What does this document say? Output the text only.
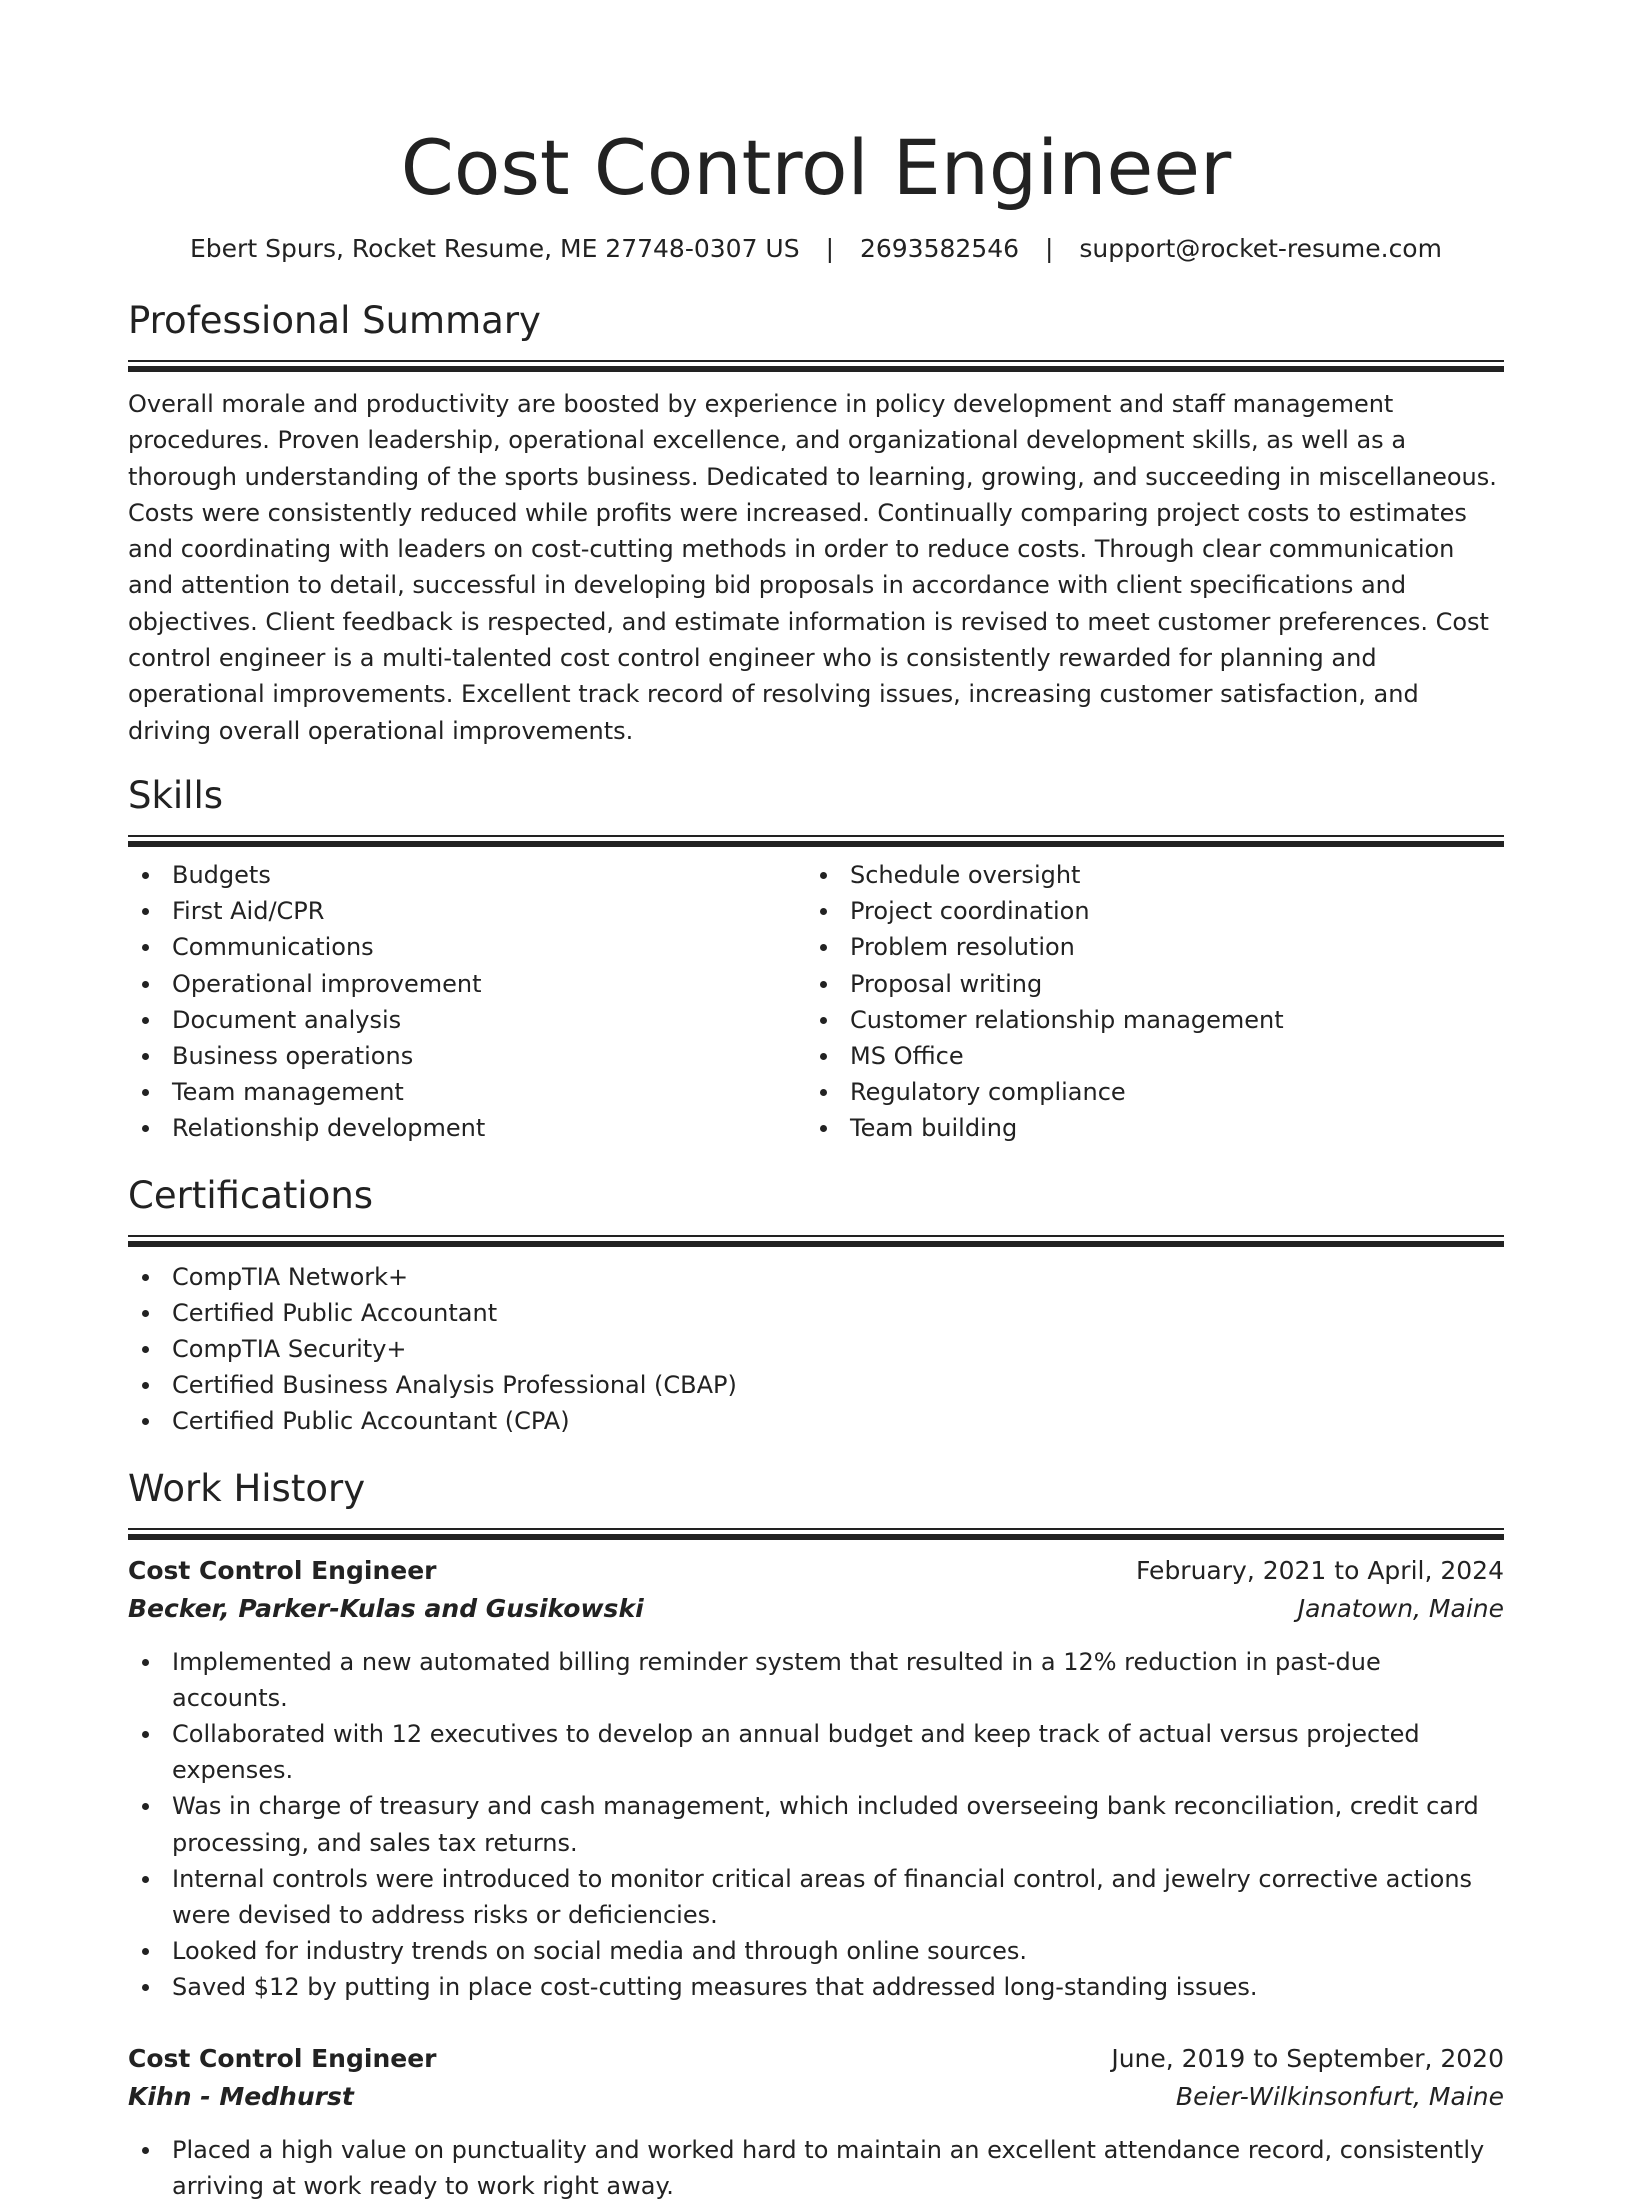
Cost Control Engineer
Ebert Spurs, Rocket Resume, ME 27748-0307 US | 2693582546 | support@rocket-resume.com
Professional Summary

Overall morale and productivity are boosted by experience in policy development and staff management procedures. Proven leadership, operational excellence, and organizational development skills, as well as a thorough understanding of the sports business. Dedicated to learning, growing, and succeeding in miscellaneous. Costs were consistently reduced while profits were increased. Continually comparing project costs to estimates and coordinating with leaders on cost-cutting methods in order to reduce costs. Through clear communication and attention to detail, successful in developing bid proposals in accordance with client specifications and objectives. Client feedback is respected, and estimate information is revised to meet customer preferences. Cost control engineer is a multi-talented cost control engineer who is consistently rewarded for planning and operational improvements. Excellent track record of resolving issues, increasing customer satisfaction, and driving overall operational improvements.

Skills
Budgets
First Aid/CPR
Communications
Operational improvement
Document analysis
Business operations
Team management
Relationship development
Schedule oversight
Project coordination
Problem resolution
Proposal writing
Customer relationship management
MS Office
Regulatory compliance
Team building
Certifications
CompTIA Network+
Certified Public Accountant
CompTIA Security+
Certified Business Analysis Professional (CBAP)
Certified Public Accountant (CPA)
Work History
Cost Control Engineer	February, 2021 to April, 2024
Becker, Parker-Kulas and Gusikowski	Janatown, Maine
Implemented a new automated billing reminder system that resulted in a 12% reduction in past-due accounts.
Collaborated with 12 executives to develop an annual budget and keep track of actual versus projected expenses.
Was in charge of treasury and cash management, which included overseeing bank reconciliation, credit card processing, and sales tax returns.
Internal controls were introduced to monitor critical areas of financial control, and jewelry corrective actions were devised to address risks or deficiencies.
Looked for industry trends on social media and through online sources.
Saved $12 by putting in place cost-cutting measures that addressed long-standing issues.
Cost Control Engineer	June, 2019 to September, 2020
Kihn - Medhurst	Beier-Wilkinsonfurt, Maine
Placed a high value on punctuality and worked hard to maintain an excellent attendance record, consistently arriving at work ready to work right away.
